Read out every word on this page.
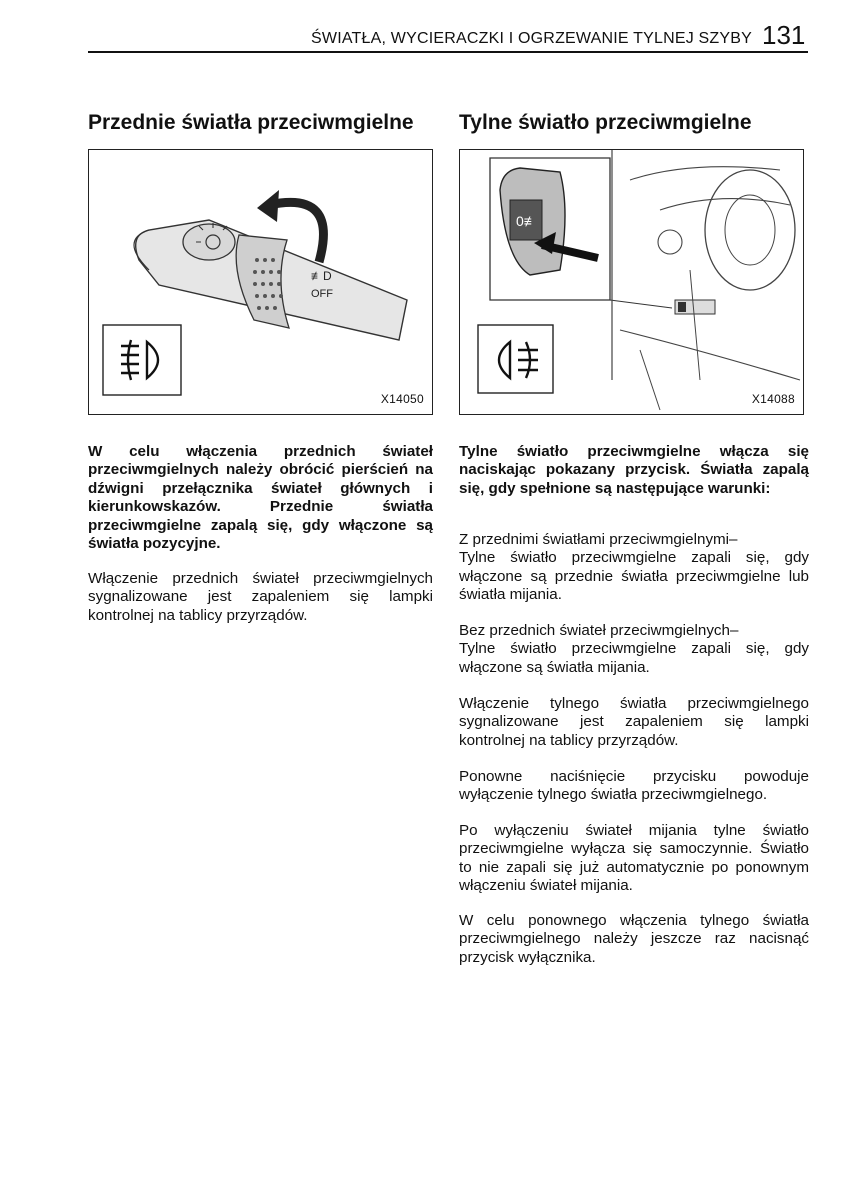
ŚWIATŁA, WYCIERACZKI I OGRZEWANIE TYLNEJ SZYBY 131
Przednie światła przeciwmgielne
≢D
OFF
X14050
W celu włączenia przednich świateł przeciwmgielnych należy obrócić pierścień na dźwigni przełącznika świateł głównych i kierunkowskazów. Przednie światła przeciwmgielne zapalą się, gdy włączone są światła pozycyjne.
Włączenie przednich świateł przeciwmgielnych sygnalizowane jest zapaleniem się lampki kontrolnej na tablicy przyrządów.
Tylne światło przeciwmgielne
0≢
X14088
Tylne światło przeciwmgielne włącza się naciskając pokazany przycisk. Światła zapalą się, gdy spełnione są następujące warunki:

Z przednimi światłami przeciwmgielnymi–

Tylne światło przeciwmgielne zapali się, gdy włączone są przednie światła przeciwmgielne lub światła mijania.

Bez przednich świateł przeciwmgielnych–

Tylne światło przeciwmgielne zapali się, gdy włączone są światła mijania.

Włączenie tylnego światła przeciwmgielnego sygnalizowane jest zapaleniem się lampki kontrolnej na tablicy przyrządów.
Ponowne naciśnięcie przycisku powoduje wyłączenie tylnego światła przeciwmgielnego.
Po wyłączeniu świateł mijania tylne światło przeciwmgielne wyłącza się samoczynnie. Światło to nie zapali się już automatycznie po ponownym włączeniu świateł mijania.
W celu ponownego włączenia tylnego światła przeciwmgielnego należy jeszcze raz nacisnąć przycisk wyłącznika.
